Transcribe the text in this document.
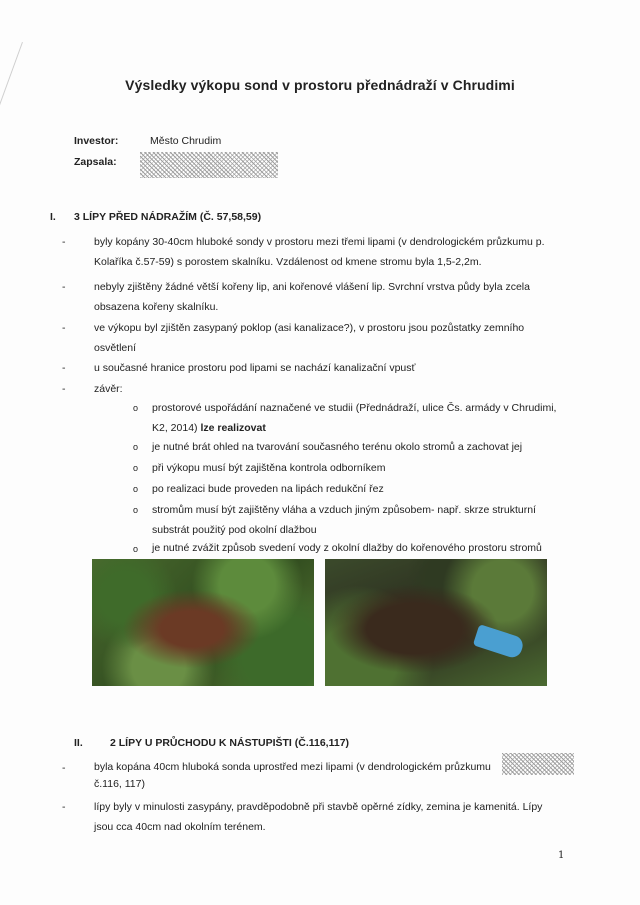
Výsledky výkopu sond v prostoru přednádraží v Chrudimi
Investor:	Město Chrudim
Zapsala:
I. 3 LÍPY PŘED NÁDRAŽÍM (Č. 57,58,59)
-	byly kopány 30-40cm hluboké sondy v prostoru mezi třemi lipami (v dendrologickém průzkumu p. Kolaříka č.57-59) s porostem skalníku. Vzdálenost od kmene stromu byla 1,5-2,2m.
-	nebyly zjištěny žádné větší kořeny lip, ani kořenové vlášení lip. Svrchní vrstva půdy byla zcela obsazena kořeny skalníku.
-	ve výkopu byl zjištěn zasypaný poklop (asi kanalizace?), v prostoru jsou pozůstatky zemního osvětlení
-	u současné hranice prostoru pod lipami se nachází kanalizační vpusť
-	závěr:
o prostorové uspořádání naznačené ve studii (Přednádraží, ulice Čs. armády v Chrudimi, K2, 2014) lze realizovat
o je nutné brát ohled na tvarování současného terénu okolo stromů a zachovat jej
o při výkopu musí být zajištěna kontrola odborníkem
o po realizaci bude proveden na lipách redukční řez
o stromům musí být zajištěny vláha a vzduch jiným způsobem- např. skrze strukturní substrát použitý pod okolní dlažbou
o je nutné zvážit způsob svedení vody z okolní dlažby do kořenového prostoru stromů
II.	2 LÍPY U PRŮCHODU K NÁSTUPIŠTI (Č.116,117)
-	byla kopána 40cm hluboká sonda uprostřed mezi lipami (v dendrologickém průzkumu
č.116, 117)
-	lípy byly v minulosti zasypány, pravděpodobně při stavbě opěrné zídky, zemina je kamenitá. Lípy jsou cca 40cm nad okolním terénem.
1
